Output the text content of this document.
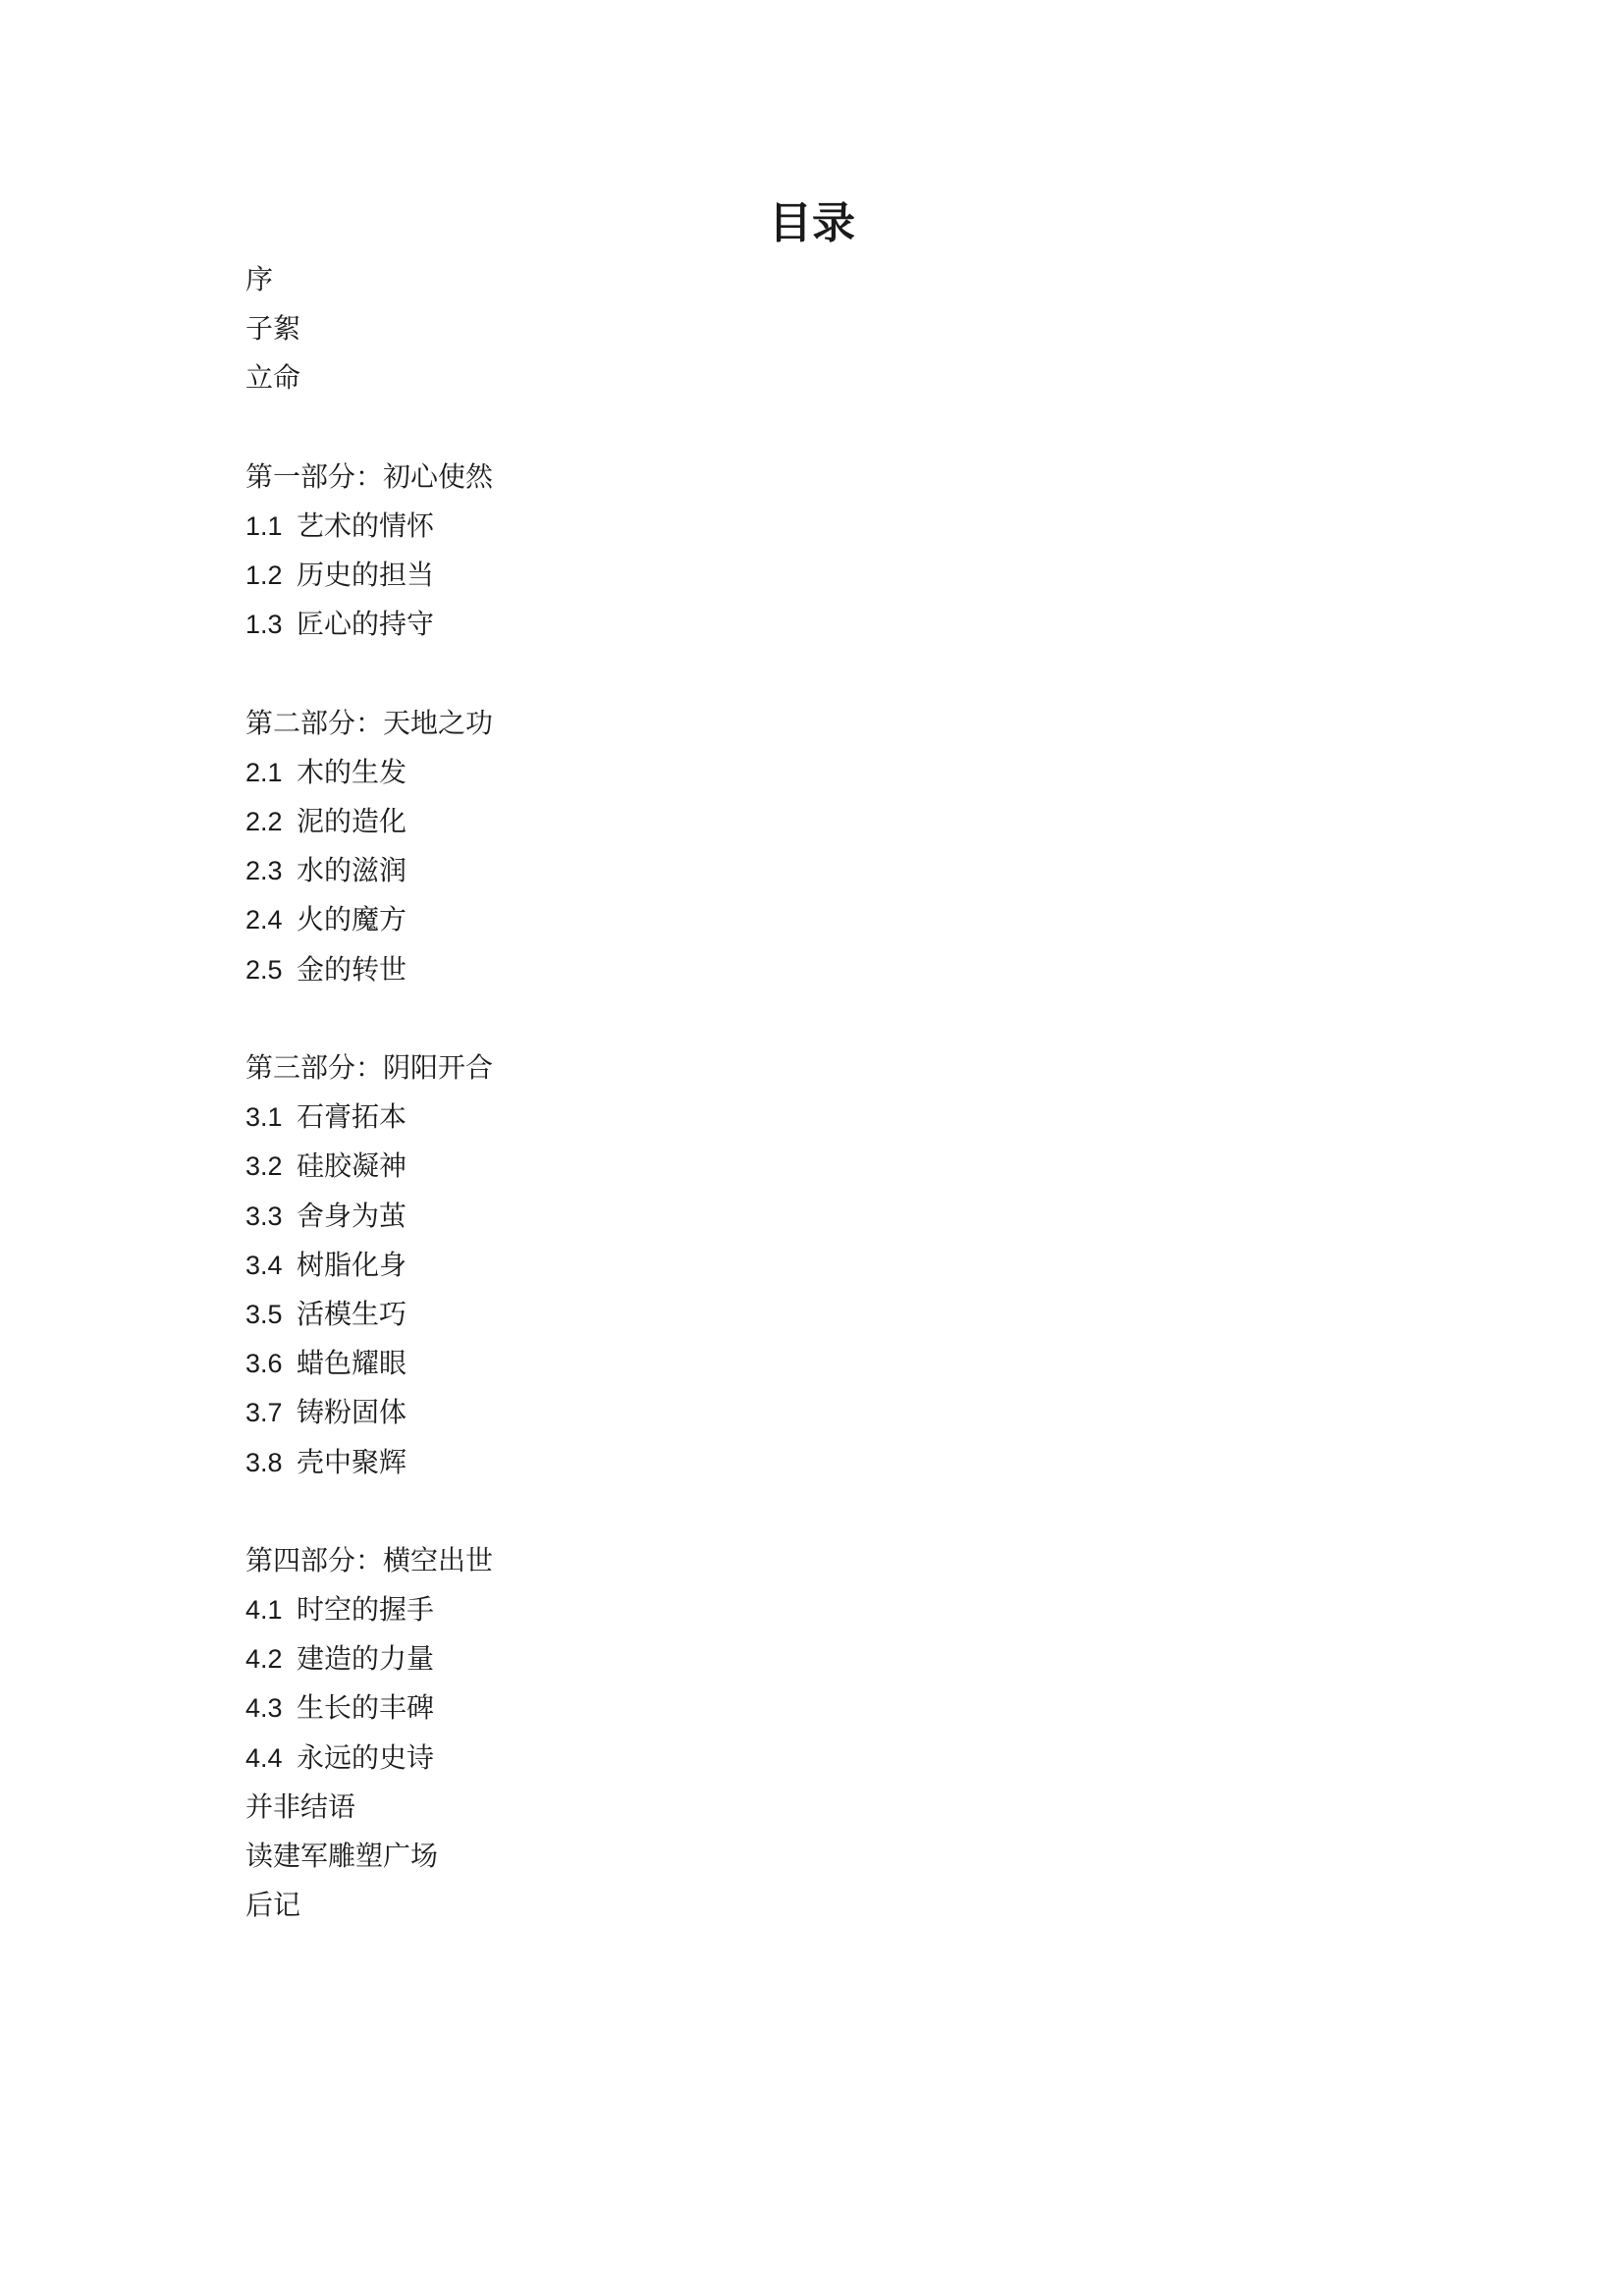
目录
序
子絮
立命
第一部分：初心使然
1.1 艺术的情怀
1.2 历史的担当
1.3 匠心的持守
第二部分：天地之功
2.1 木的生发
2.2 泥的造化
2.3 水的滋润
2.4 火的魔方
2.5 金的转世
第三部分：阴阳开合
3.1 石膏拓本
3.2 硅胶凝神
3.3 舍身为茧
3.4 树脂化身
3.5 活模生巧
3.6 蜡色耀眼
3.7 铸粉固体
3.8 壳中聚辉
第四部分：横空出世
4.1 时空的握手
4.2 建造的力量
4.3 生长的丰碑
4.4 永远的史诗
并非结语
读建军雕塑广场
后记
